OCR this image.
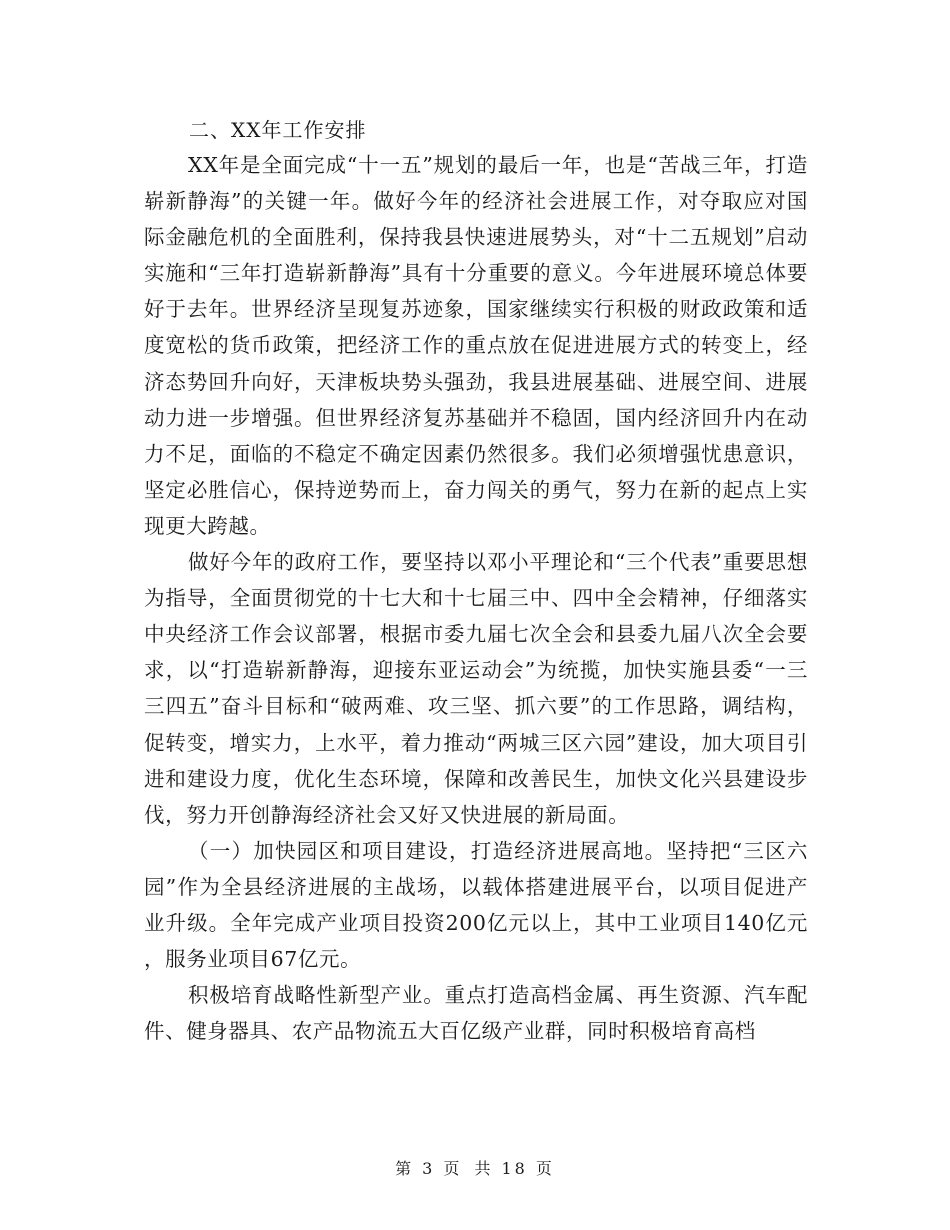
二、XX年工作安排

XX年是全面完成“十一五”规划的最后一年，也是“苦战三年，打造崭新静海”的关键一年。做好今年的经济社会进展工作，对夺取应对国际金融危机的全面胜利，保持我县快速进展势头，对“十二五规划”启动实施和“三年打造崭新静海”具有十分重要的意义。今年进展环境总体要好于去年。世界经济呈现复苏迹象，国家继续实行积极的财政政策和适度宽松的货币政策，把经济工作的重点放在促进进展方式的转变上，经济态势回升向好，天津板块势头强劲，我县进展基础、进展空间、进展动力进一步增强。但世界经济复苏基础并不稳固，国内经济回升内在动力不足，面临的不稳定不确定因素仍然很多。我们必须增强忧患意识，坚定必胜信心，保持逆势而上，奋力闯关的勇气，努力在新的起点上实现更大跨越。

做好今年的政府工作，要坚持以邓小平理论和“三个代表”重要思想为指导，全面贯彻党的十七大和十七届三中、四中全会精神，仔细落实中央经济工作会议部署，根据市委九届七次全会和县委九届八次全会要求，以“打造崭新静海，迎接东亚运动会”为统揽，加快实施县委“一三三四五”奋斗目标和“破两难、攻三坚、抓六要”的工作思路，调结构，促转变，增实力，上水平，着力推动“两城三区六园”建设，加大项目引进和建设力度，优化生态环境，保障和改善民生，加快文化兴县建设步伐，努力开创静海经济社会又好又快进展的新局面。

（一）加快园区和项目建设，打造经济进展高地。坚持把“三区六园”作为全县经济进展的主战场，以载体搭建进展平台，以项目促进产业升级。全年完成产业项目投资200亿元以上，其中工业项目140亿元，服务业项目67亿元。

积极培育战略性新型产业。重点打造高档金属、再生资源、汽车配件、健身器具、农产品物流五大百亿级产业群，同时积极培育高档

第 3 页 共 18 页
